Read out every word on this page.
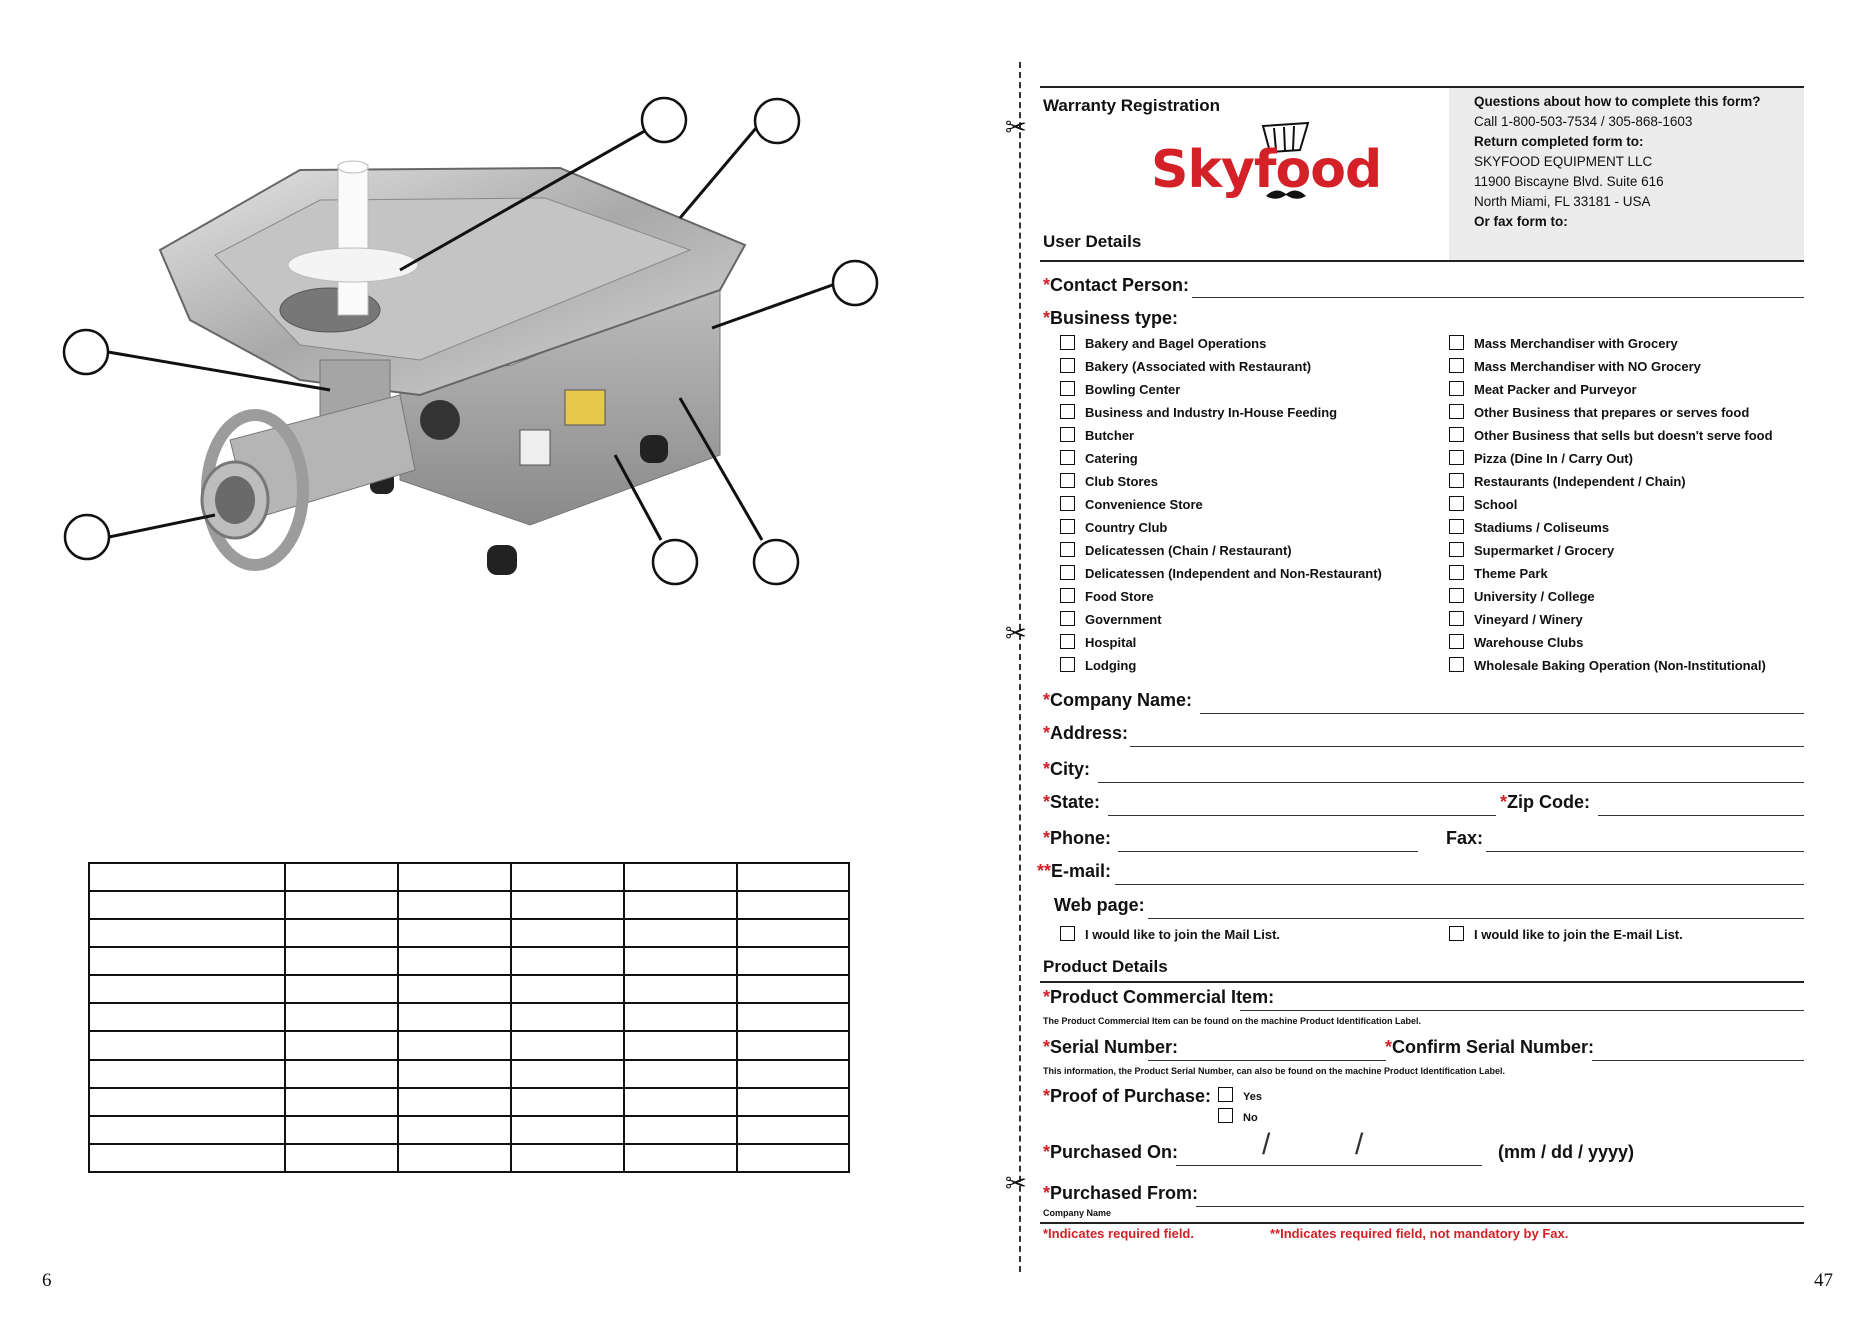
6
✂
✂
✂
Warranty Registration
Skyfood
Questions about how to complete this form?
Call 1-800-503-7534 / 305-868-1603
Return completed form to:
SKYFOOD EQUIPMENT LLC
11900 Biscayne Blvd. Suite 616
North Miami, FL 33181 - USA
Or fax form to:
User Details
*Contact Person:
*Business type:
Bakery and Bagel Operations
Bakery (Associated with Restaurant)
Bowling Center
Business and Industry In-House Feeding
Butcher
Catering
Club Stores
Convenience Store
Country Club
Delicatessen (Chain / Restaurant)
Delicatessen (Independent and Non-Restaurant)
Food Store
Government
Hospital
Lodging
Mass Merchandiser with Grocery
Mass Merchandiser with NO Grocery
Meat Packer and Purveyor
Other Business that prepares or serves food
Other Business that sells but doesn't serve food
Pizza (Dine In / Carry Out)
Restaurants (Independent / Chain)
School
Stadiums / Coliseums
Supermarket / Grocery
Theme Park
University / College
Vineyard / Winery
Warehouse Clubs
Wholesale Baking Operation (Non-Institutional)
*Company Name:
*Address:
*City:
*State:	*Zip Code:
*Phone:	Fax:
**E-mail:
Web page:
I would like to join the Mail List.	I would like to join the E-mail List.
Product Details
*Product Commercial Item:
The Product Commercial Item can be found on the machine Product Identification Label.
*Serial Number:	*Confirm Serial Number:
This information, the Product Serial Number, can also be found on the machine Product Identification Label.
*Proof of Purchase:	Yes
No
*Purchased On:	/	/	(mm / dd / yyyy)
*Purchased From:
Company Name
*Indicates required field.	**Indicates required field, not mandatory by Fax.
47
